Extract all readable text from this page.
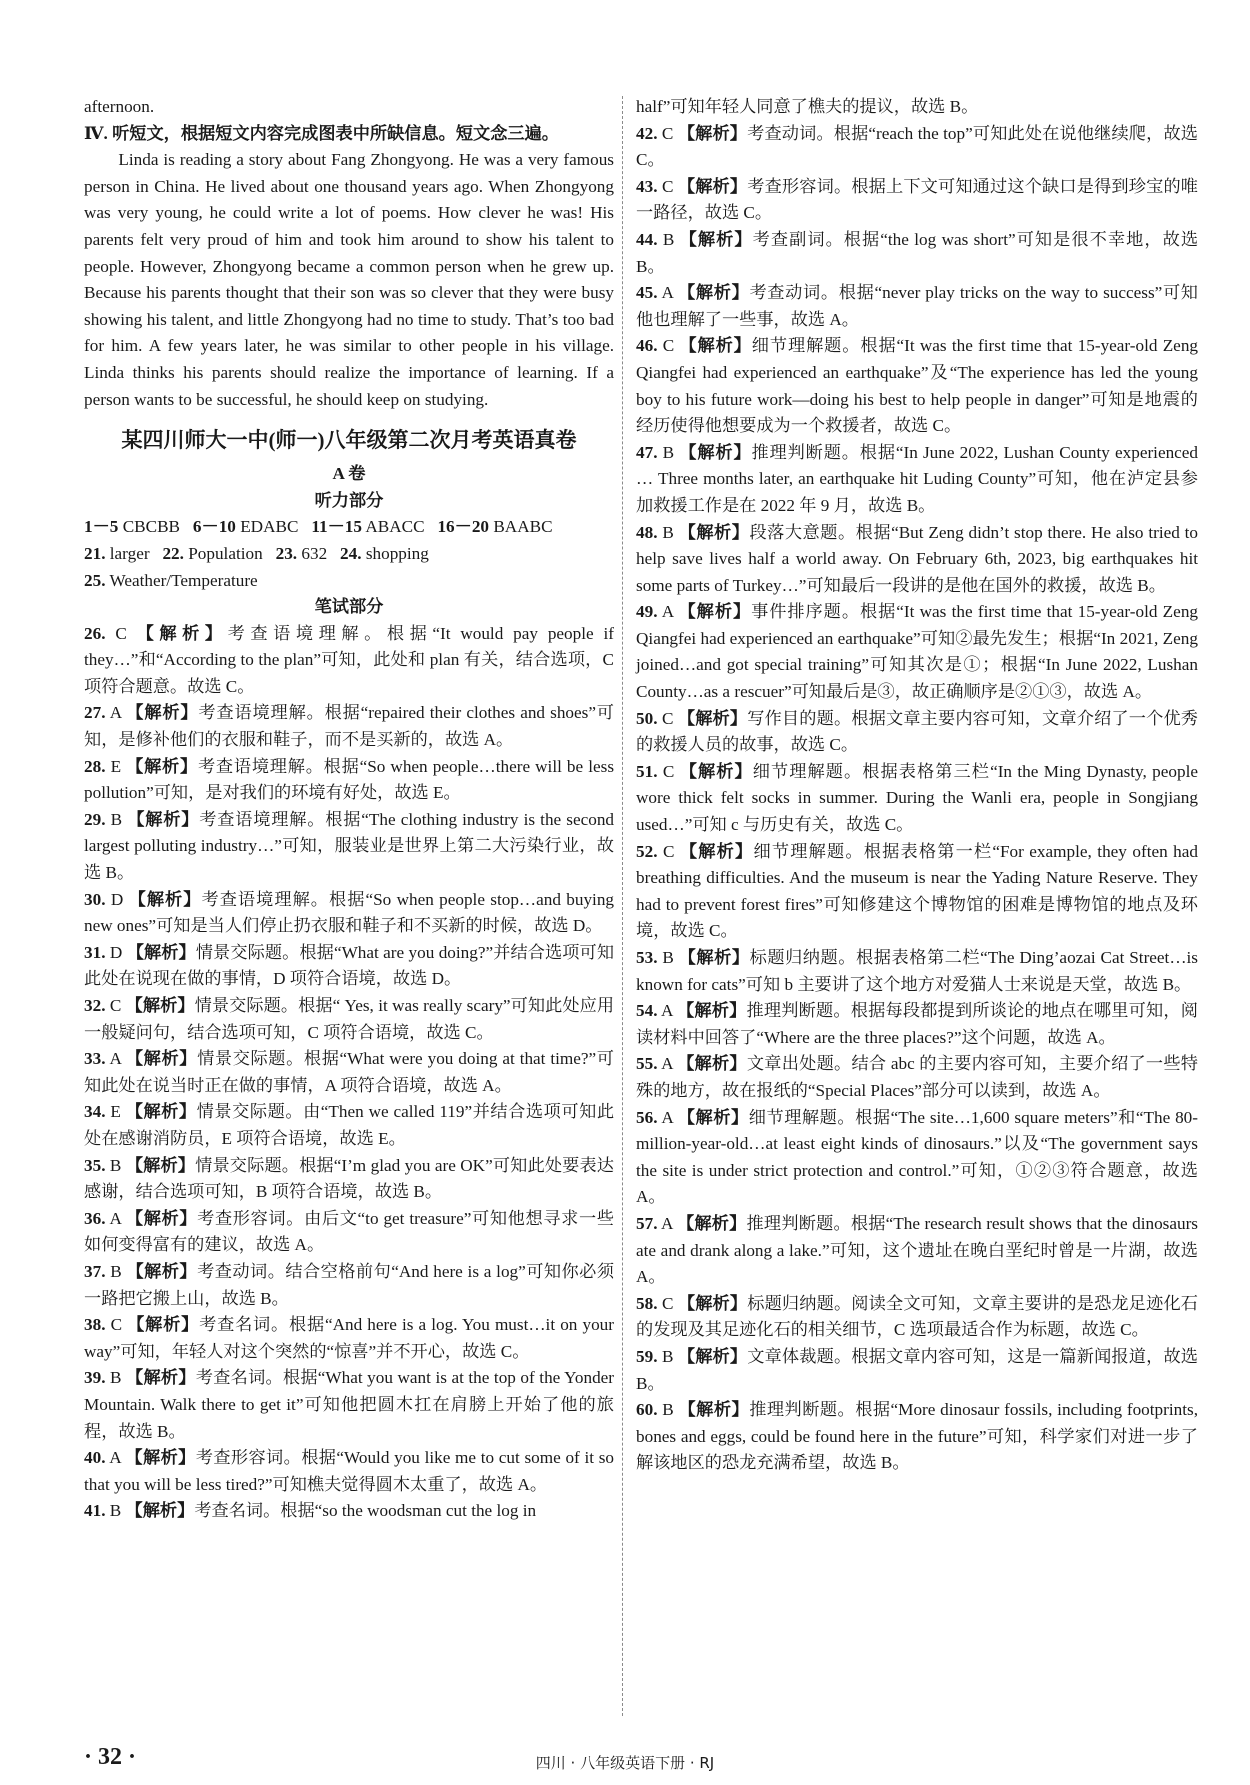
afternoon.

Ⅳ. 听短文，根据短文内容完成图表中所缺信息。短文念三遍。

Linda is reading a story about Fang Zhongyong. He was a very famous person in China. He lived about one thousand years ago. When Zhongyong was very young, he could write a lot of poems. How clever he was! His parents felt very proud of him and took him around to show his talent to people. However, Zhongyong became a common person when he grew up. Because his parents thought that their son was so clever that they were busy showing his talent, and little Zhongyong had no time to study. That’s too bad for him. A few years later, he was similar to other people in his village. Linda thinks his parents should realize the importance of learning. If a person wants to be successful, he should keep on studying.

某四川师大一中(师一)八年级第二次月考英语真卷
A 卷
听力部分

1－5 CBCBB 6－10 EDABC 11－15 ABACC 16－20 BAABC

21. larger 22. Population 23. 632 24. shopping

25. Weather/Temperature

笔试部分

26. C 【解析】考查语境理解。根据“It would pay people if they…”和“According to the plan”可知，此处和 plan 有关，结合选项，C 项符合题意。故选 C。

27. A 【解析】考查语境理解。根据“repaired their clothes and shoes”可知，是修补他们的衣服和鞋子，而不是买新的，故选 A。

28. E 【解析】考查语境理解。根据“So when people…there will be less pollution”可知，是对我们的环境有好处，故选 E。

29. B 【解析】考查语境理解。根据“The clothing industry is the second largest polluting industry…”可知，服装业是世界上第二大污染行业，故选 B。

30. D 【解析】考查语境理解。根据“So when people stop…and buying new ones”可知是当人们停止扔衣服和鞋子和不买新的时候，故选 D。

31. D 【解析】情景交际题。根据“What are you doing?”并结合选项可知此处在说现在做的事情，D 项符合语境，故选 D。

32. C 【解析】情景交际题。根据“ Yes, it was really scary”可知此处应用一般疑问句，结合选项可知，C 项符合语境，故选 C。

33. A 【解析】情景交际题。根据“What were you doing at that time?”可知此处在说当时正在做的事情，A 项符合语境，故选 A。

34. E 【解析】情景交际题。由“Then we called 119”并结合选项可知此处在感谢消防员，E 项符合语境，故选 E。

35. B 【解析】情景交际题。根据“I’m glad you are OK”可知此处要表达感谢，结合选项可知，B 项符合语境，故选 B。

36. A 【解析】考查形容词。由后文“to get treasure”可知他想寻求一些如何变得富有的建议，故选 A。

37. B 【解析】考查动词。结合空格前句“And here is a log”可知你必须一路把它搬上山，故选 B。

38. C 【解析】考查名词。根据“And here is a log. You must…it on your way”可知，年轻人对这个突然的“惊喜”并不开心，故选 C。

39. B 【解析】考查名词。根据“What you want is at the top of the Yonder Mountain. Walk there to get it”可知他把圆木扛在肩膀上开始了他的旅程，故选 B。

40. A 【解析】考查形容词。根据“Would you like me to cut some of it so that you will be less tired?”可知樵夫觉得圆木太重了，故选 A。

41. B 【解析】考查名词。根据“so the woodsman cut the log in

half”可知年轻人同意了樵夫的提议，故选 B。

42. C 【解析】考查动词。根据“reach the top”可知此处在说他继续爬，故选 C。

43. C 【解析】考查形容词。根据上下文可知通过这个缺口是得到珍宝的唯一路径，故选 C。

44. B 【解析】考查副词。根据“the log was short”可知是很不幸地，故选 B。

45. A 【解析】考查动词。根据“never play tricks on the way to success”可知他也理解了一些事，故选 A。

46. C 【解析】细节理解题。根据“It was the first time that 15-year-old Zeng Qiangfei had experienced an earthquake”及“The experience has led the young boy to his future work—doing his best to help people in danger”可知是地震的经历使得他想要成为一个救援者，故选 C。

47. B 【解析】推理判断题。根据“In June 2022, Lushan County experienced … Three months later, an earthquake hit Luding County”可知，他在泸定县参加救援工作是在 2022 年 9 月，故选 B。

48. B 【解析】段落大意题。根据“But Zeng didn’t stop there. He also tried to help save lives half a world away. On February 6th, 2023, big earthquakes hit some parts of Turkey…”可知最后一段讲的是他在国外的救援，故选 B。

49. A 【解析】事件排序题。根据“It was the first time that 15-year-old Zeng Qiangfei had experienced an earthquake”可知②最先发生；根据“In 2021, Zeng joined…and got special training”可知其次是①；根据“In June 2022, Lushan County…as a rescuer”可知最后是③，故正确顺序是②①③，故选 A。

50. C 【解析】写作目的题。根据文章主要内容可知，文章介绍了一个优秀的救援人员的故事，故选 C。

51. C 【解析】细节理解题。根据表格第三栏“In the Ming Dynasty, people wore thick felt socks in summer. During the Wanli era, people in Songjiang used…”可知 c 与历史有关，故选 C。

52. C 【解析】细节理解题。根据表格第一栏“For example, they often had breathing difficulties. And the museum is near the Yading Nature Reserve. They had to prevent forest fires”可知修建这个博物馆的困难是博物馆的地点及环境，故选 C。

53. B 【解析】标题归纳题。根据表格第二栏“The Ding’aozai Cat Street…is known for cats”可知 b 主要讲了这个地方对爱猫人士来说是天堂，故选 B。

54. A 【解析】推理判断题。根据每段都提到所谈论的地点在哪里可知，阅读材料中回答了“Where are the three places?”这个问题，故选 A。

55. A 【解析】文章出处题。结合 abc 的主要内容可知，主要介绍了一些特殊的地方，故在报纸的“Special Places”部分可以读到，故选 A。

56. A 【解析】细节理解题。根据“The site…1,600 square meters”和“The 80-million-year-old…at least eight kinds of dinosaurs.”以及“The government says the site is under strict protection and control.”可知，①②③符合题意，故选 A。

57. A 【解析】推理判断题。根据“The research result shows that the dinosaurs ate and drank along a lake.”可知，这个遗址在晚白垩纪时曾是一片湖，故选 A。

58. C 【解析】标题归纳题。阅读全文可知，文章主要讲的是恐龙足迹化石的发现及其足迹化石的相关细节，C 选项最适合作为标题，故选 C。

59. B 【解析】文章体裁题。根据文章内容可知，这是一篇新闻报道，故选 B。

60. B 【解析】推理判断题。根据“More dinosaur fossils, including footprints, bones and eggs, could be found here in the future”可知，科学家们对进一步了解该地区的恐龙充满希望，故选 B。

· 32 ·	四川 · 八年级英语下册 · RJ
